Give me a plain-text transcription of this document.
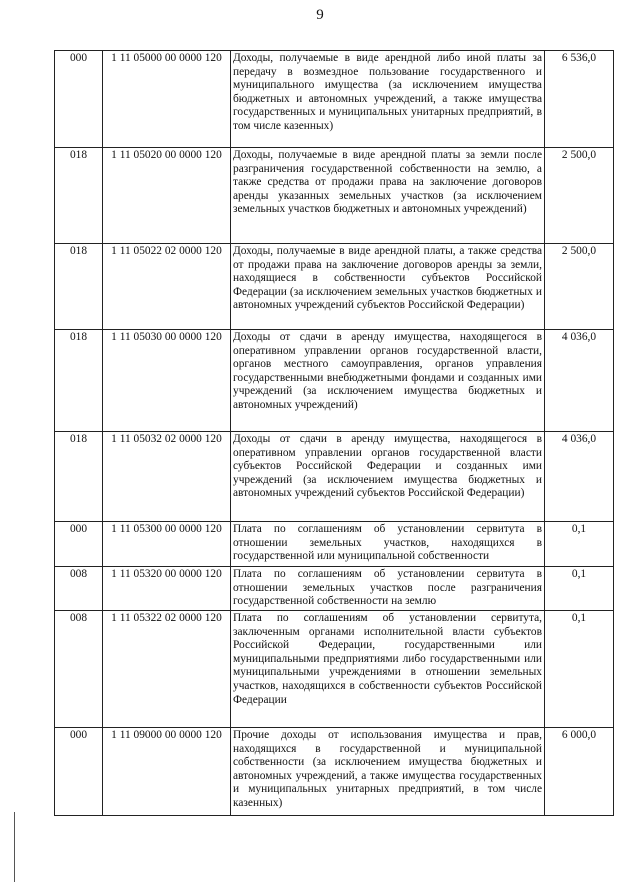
9
000	1 11 05000 00 0000 120	Доходы, получаемые в виде арендной либо иной платы за передачу в возмездное пользование государственного и муниципального имущества (за исключением имущества бюджетных и автономных учреждений, а также имущества государственных и муниципальных унитарных предприятий, в том числе казенных)	6 536,0
018	1 11 05020 00 0000 120	Доходы, получаемые в виде арендной платы за земли после разграничения государственной собственности на землю, а также средства от продажи права на заключение договоров аренды указанных земельных участков (за исключением земельных участков бюджетных и автономных учреждений)	2 500,0
018	1 11 05022 02 0000 120	Доходы, получаемые в виде арендной платы, а также средства от продажи права на заключение договоров аренды за земли, находящиеся в собственности субъектов Российской Федерации (за исключением земельных участков бюджетных и автономных учреждений субъектов Российской Федерации)	2 500,0
018	1 11 05030 00 0000 120	Доходы от сдачи в аренду имущества, находящегося в оперативном управлении органов государственной власти, органов местного самоуправления, органов управления государственными внебюджетными фондами и созданных ими учреждений (за исключением имущества бюджетных и автономных учреждений)	4 036,0
018	1 11 05032 02 0000 120	Доходы от сдачи в аренду имущества, находящегося в оперативном управлении органов государственной власти субъектов Российской Федерации и созданных ими учреждений (за исключением имущества бюджетных и автономных учреждений субъектов Российской Федерации)	4 036,0
000	1 11 05300 00 0000 120	Плата по соглашениям об установлении сервитута в отношении земельных участков, находящихся в государственной или муниципальной собственности	0,1
008	1 11 05320 00 0000 120	Плата по соглашениям об установлении сервитута в отношении земельных участков после разграничения государственной собственности на землю	0,1
008	1 11 05322 02 0000 120	Плата по соглашениям об установлении сервитута, заключенным органами исполнительной власти субъектов Российской Федерации, государственными или муниципальными предприятиями либо государственными или муниципальными учреждениями в отношении земельных участков, находящихся в собственности субъектов Российской Федерации	0,1
000	1 11 09000 00 0000 120	Прочие доходы от использования имущества и прав, находящихся в государственной и муниципальной собственности (за исключением имущества бюджетных и автономных учреждений, а также имущества государственных и муниципальных унитарных предприятий, в том числе казенных)	6 000,0
